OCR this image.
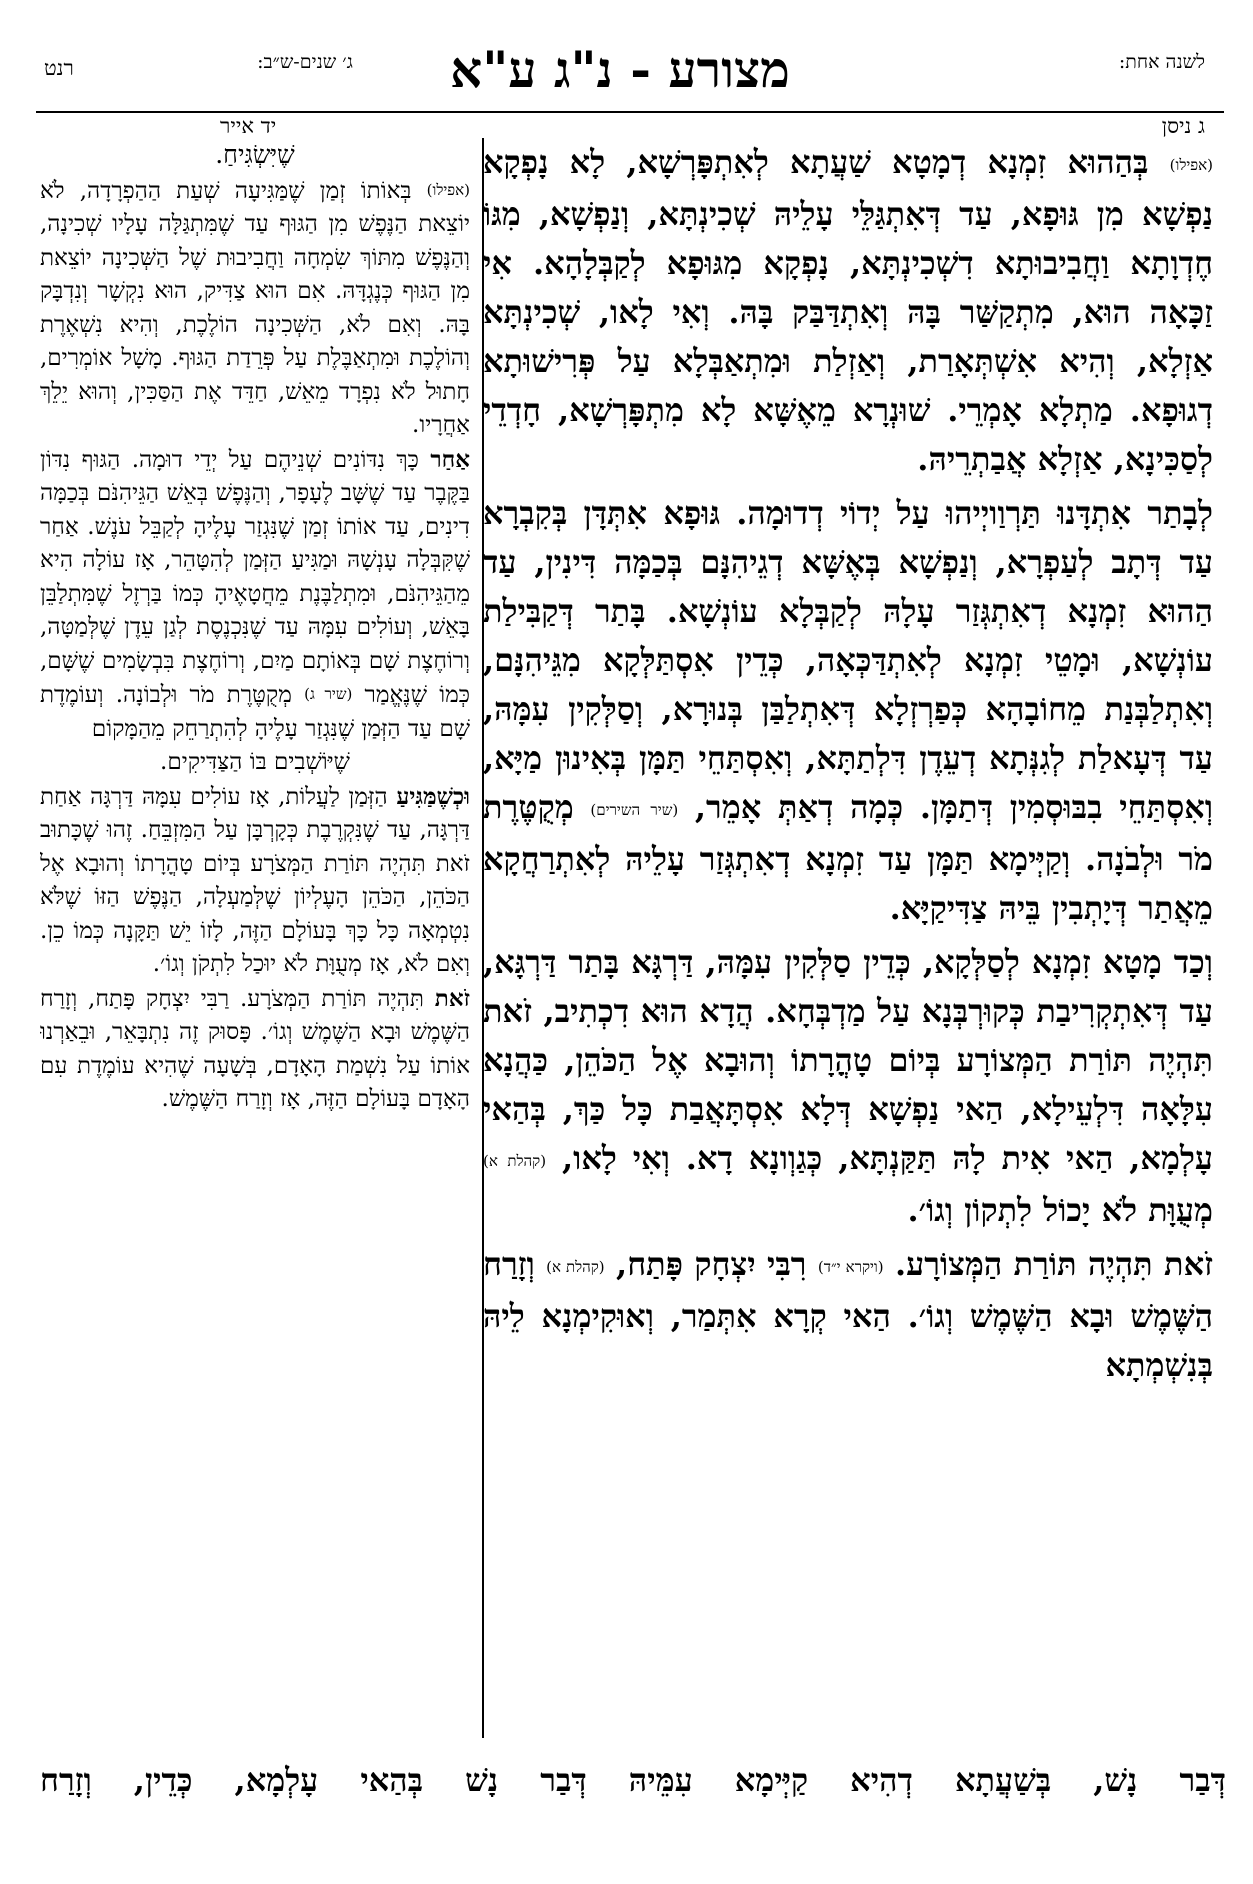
לשנה אחת:
מצורע - נ"ג ע"א
ג׳ שנים-ש״ב:
רנט
ג ניסן
יד אייר

(אפילו) בְּהַהוּא זִמְנָא דְמָטָא שַׁעֲתָא לְאִתְפָּרְשָׁא, לָא נָפְקָא נַפְשָׁא מִן גּוּפָא, עַד דְּאִתְגַּלֵּי עָלֵיהּ שְׁכִינְתָּא, וְנַפְשָׁא, מִגּוֹ חֶדְוָתָא וַחֲבִיבוּתָא דִשְׁכִינְתָּא, נָפְקָא מִגּוּפָא לְקַבְּלָהָא. אִי זַכָּאָה הוּא, מִתְקַשַּׁר בָּהּ וְאִתְדַּבַּק בָּהּ. וְאִי לָאו, שְׁכִינְתָּא אַזְלָא, וְהִיא אִשְׁתְּאָרַת, וְאַזְלַת וּמִתְאַבְּלָא עַל פְּרִישׁוּתָא דְגוּפָא. מַתְלָא אָמְרֵי. שׁוּנְרָא מֵאֶשָּׁא לָא מִתְפָּרְשָׁא, חָדְדֵי לְסַכִּינָא, אַזְלָא אֲבַתְרֵיהּ.

לְבָתַר אִתְדָּנוּ תַּרְוַויְיהוּ עַל יְדוֹי דְדוּמָה. גּוּפָא אִתְּדָּן בְּקִבְרָא עַד דְּתָב לְעַפְרָא, וְנַפְשָׁא בְּאֶשָּׁא דְגֵיהִנָּם בְּכַמָּה דִּינִין, עַד הַהוּא זִמְנָא דְאִתְגְּזַר עָלָהּ לְקַבְּלָא עוֹנְשָׁא. בָּתַר דְּקַבִּילַת עוֹנְשָׁא, וּמָטֵי זִמְנָא לְאִתְדַּכְּאָה, כְּדֵין אִסְתַּלְּקָא מִגֵּיהִנָּם, וְאִתְלַבְּנַת מֵחוֹבָהָא כְּפַרְזְלָא דְּאִתְלַבַּן בְּנוּרָא, וְסַלְּקִין עִמָּהּ, עַד דְּעָאלַת לְגִנְּתָא דְעֵדֶן דִּלְתַתָּא, וְאִסְתַּחֵי תַּמָּן בְּאִינוּן מַיָּא, וְאִסְתַּחֵי בִבּוּסְמִין דְּתַמָּן. כְּמָה דְאַתְּ אָמֵר, (שיר השירים) מְקֻטֶּרֶת מֹר וּלְבֹנָה. וְקַיְּימָא תַּמָּן עַד זִמְנָא דְאִתְגְּזַר עָלֵיהּ לְאִתְרַחֲקָא מֵאֲתַר דְּיָתְבִין בֵּיהּ צַדִּיקַיָּא.

וְכַד מָטָא זִמְנָא לְסַלְּקָא, כְּדֵין סַלְּקִין עִמָּהּ, דַּרְגָּא בָּתַר דַּרְגָּא, עַד דְּאִתְקְרִיבַת כְּקוּרְבְּנָא עַל מַדְבְּחָא. הֲדָא הוּא דִכְתִיב, זֹאת תִּהְיֶה תּוֹרַת הַמְּצוֹרָע בְּיוֹם טָהֳרָתוֹ וְהוּבָא אֶל הַכֹּהֵן, כַּהֲנָא עִלָּאָה דִּלְעֵילָא, הַאי נַפְשָׁא דְּלָא אִסְתָּאֲבַת כָּל כַּךְ, בְּהַאי עָלְמָא, הַאי אִית לָהּ תַּקַּנְתָּא, כְּגַוְונָא דָא. וְאִי לָאו, (קהלת א) מְעֻוָּת לֹא יָכוֹל לִתְקוֹן וְגוֹ׳.

זֹאת תִּהְיֶה תּוֹרַת הַמְּצוֹרָע. (ויקרא י״ד) רִבִּי יִצְחָק פָּתַח, (קהלת א) וְזָרַח הַשֶּׁמֶשׁ וּבָא הַשֶּׁמֶשׁ וְגוֹ׳. הַאי קְרָא אִתְּמַר, וְאוּקִימְנָא לֵיהּ בְּנִשְׁמְתָא

שֶׁיִּשְׂגִּיחַ.

(אפילו) בְּאוֹתוֹ זְמַן שֶׁמַּגִּיעָה שְׁעַת הַהַפְרָדָה, לֹא יוֹצֵאת הַנֶּפֶשׁ מִן הַגּוּף עַד שֶׁמִּתְגַּלָּה עָלָיו שְׁכִינָה, וְהַנֶּפֶשׁ מִתּוֹךְ שִׂמְחָה וַחֲבִיבוּת שֶׁל הַשְּׁכִינָה יוֹצֵאת מִן הַגּוּף כְּנֶגְדָּהּ. אִם הוּא צַדִּיק, הוּא נִקְשָׁר וְנִדְבָּק בָּהּ. וְאִם לֹא, הַשְּׁכִינָה הוֹלֶכֶת, וְהִיא נִשְׁאֶרֶת וְהוֹלֶכֶת וּמִתְאַבֶּלֶת עַל פְּרֵדַת הַגּוּף. מָשָׁל אוֹמְרִים, חָתוּל לֹא נִפְרָד מֵאֵשׁ, חַדֵּד אֶת הַסַּכִּין, וְהוּא יֵלֵךְ אַחֲרָיו.

אַחַר כָּךְ נִדּוֹנִים שְׁנֵיהֶם עַל יְדֵי דוּמָה. הַגּוּף נִדּוֹן בַּקֶּבֶר עַד שֶׁשָּׁב לֶעָפָר, וְהַנֶּפֶשׁ בְּאֵשׁ הַגֵּיהִנֹּם בְּכַמָּה דִינִים, עַד אוֹתוֹ זְמַן שֶׁנִּגְזַר עָלֶיהָ לְקַבֵּל עֹנֶשׁ. אַחַר שֶׁקִּבְּלָה עָנְשָׁהּ וּמַגִּיעַ הַזְּמַן לְהִטָּהֵר, אָז עוֹלָה הִיא מֵהַגֵּיהִנֹּם, וּמִתְלַבֶּנֶת מֵחֲטָאֶיהָ כְּמוֹ בַּרְזֶל שֶׁמִּתְלַבֵּן בָּאֵשׁ, וְעוֹלִים עִמָּהּ עַד שֶׁנִּכְנֶסֶת לְגַן עֵדֶן שֶׁלְּמַטָּה, וְרוֹחֶצֶת שָׁם בְּאוֹתָם מַיִם, וְרוֹחֶצֶת בִּבְשָׂמִים שֶׁשָּׁם, כְּמוֹ שֶׁנֶּאֱמַר (שיר ג) מְקֻטֶּרֶת מֹר וּלְבוֹנָה. וְעוֹמֶדֶת שָׁם עַד הַזְּמַן שֶׁנִּגְזַר עָלֶיהָ לְהִתְרַחֵק מֵהַמָּקוֹם

שֶׁיּוֹשְׁבִים בּוֹ הַצַּדִּיקִים.

וּכְשֶׁמַּגִּיעַ הַזְּמַן לַעֲלוֹת, אָז עוֹלִים עִמָּהּ דַּרְגָּה אַחַת דַּרְגָּה, עַד שֶׁנִּקְרֶבֶת כְּקָרְבָּן עַל הַמִּזְבֵּחַ. זֶהוּ שֶׁכָּתוּב זֹאת תִּהְיֶה תּוֹרַת הַמְּצֹרָע בְּיוֹם טָהֳרָתוֹ וְהוּבָא אֶל הַכֹּהֵן, הַכֹּהֵן הָעֶלְיוֹן שֶׁלְּמַעְלָה, הַנֶּפֶשׁ הַזּוֹ שֶׁלֹּא נִטְמְאָה כָּל כָּךְ בָּעוֹלָם הַזֶּה, לָזוֹ יֵשׁ תַּקָּנָה כְּמוֹ כֵן. וְאִם לֹא, אָז מְעֻוָּת לֹא יוּכַל לִתְקֹן וְגוֹ׳.

זֹאת תִּהְיֶה תּוֹרַת הַמְּצֹרָע. רַבִּי יִצְחָק פָּתַח, וְזָרַח הַשֶּׁמֶשׁ וּבָא הַשֶּׁמֶשׁ וְגוֹ׳. פָּסוּק זֶה נִתְבָּאֵר, וּבֵאַרְנוּ אוֹתוֹ עַל נִשְׁמַת הָאָדָם, בְּשָׁעָה שֶׁהִיא עוֹמֶדֶת עִם הָאָדָם בָּעוֹלָם הַזֶּה, אָז וְזָרַח הַשֶּׁמֶשׁ.

דְּבַר נָשׁ, בְּשַׁעֲתָא דְהִיא קַיְּימָא עִמֵּיהּ דְּבַר נָשׁ בְּהַאי עָלְמָא, כְּדֵין, וְזָרַח
